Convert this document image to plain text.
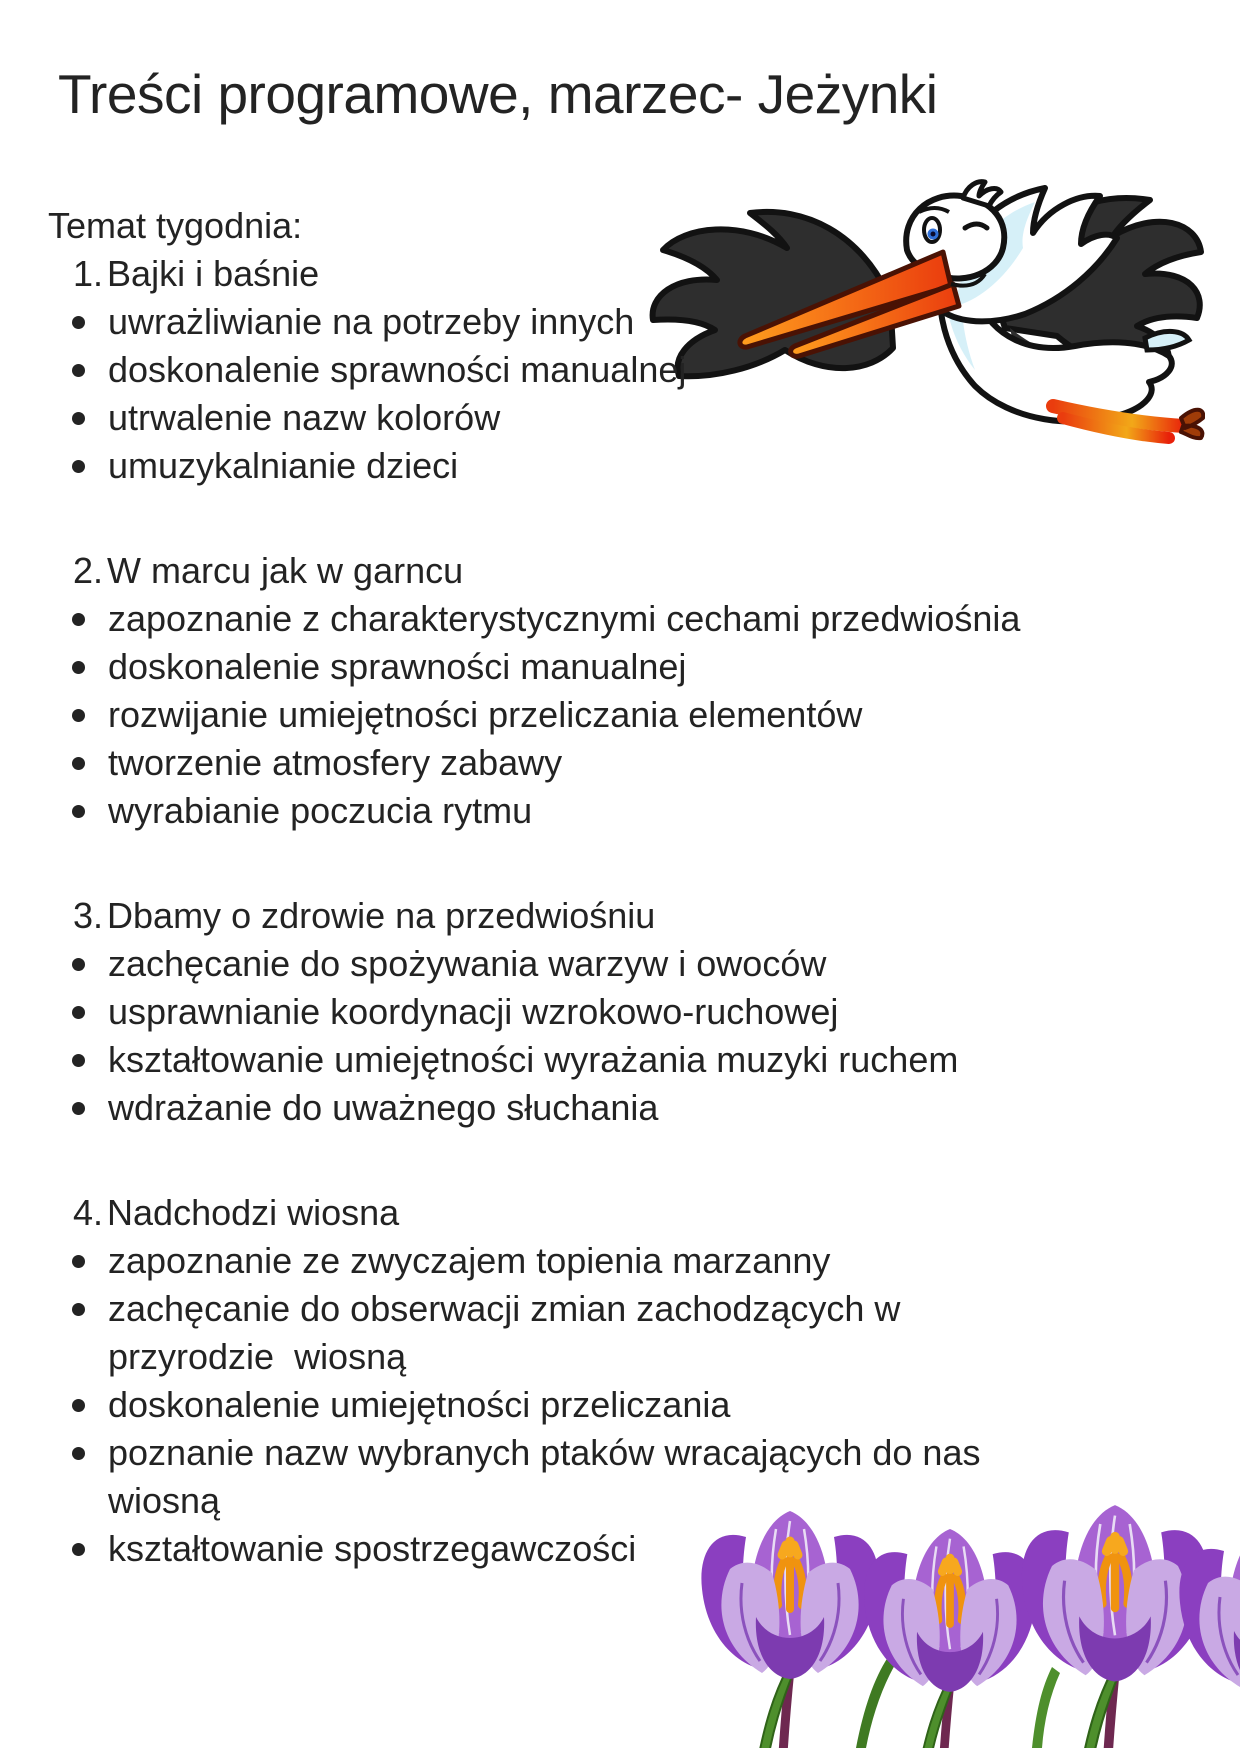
Treści programowe, marzec- Jeżynki

Temat tygodnia:

1. Bajki i baśnie

uwrażliwianie na potrzeby innych
doskonalenie sprawności manualnej
utrwalenie nazw kolorów
umuzykalnianie dzieci

2. W marcu jak w garncu

zapoznanie z charakterystycznymi cechami przedwiośnia
doskonalenie sprawności manualnej
rozwijanie umiejętności przeliczania elementów
tworzenie atmosfery zabawy
wyrabianie poczucia rytmu

3. Dbamy o zdrowie na przedwiośniu

zachęcanie do spożywania warzyw i owoców
usprawnianie koordynacji wzrokowo-ruchowej
kształtowanie umiejętności wyrażania muzyki ruchem
wdrażanie do uważnego słuchania

4. Nadchodzi wiosna

zapoznanie ze zwyczajem topienia marzanny
zachęcanie do obserwacji zmian zachodzących w przyrodzie  wiosną
doskonalenie umiejętności przeliczania
poznanie nazw wybranych ptaków wracających do nas wiosną
kształtowanie spostrzegawczości
